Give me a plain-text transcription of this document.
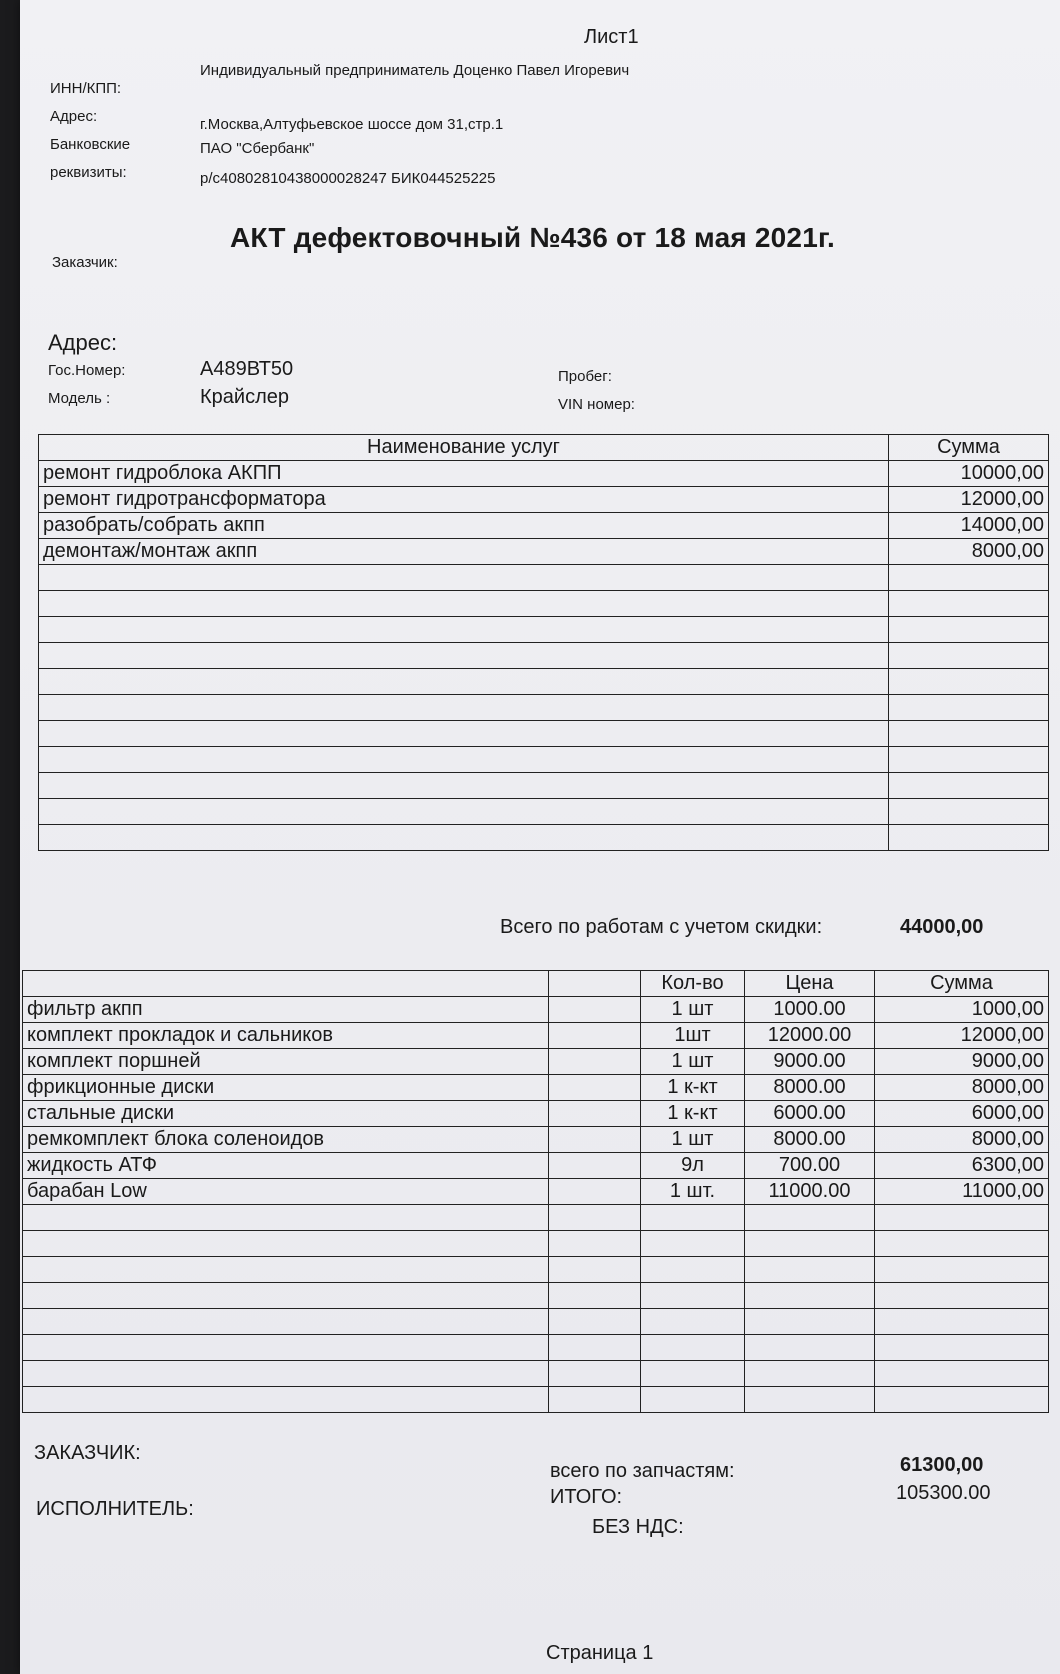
Лист1
Индивидуальный предприниматель Доценко Павел Игоревич
ИНН/КПП:
Адрес:	г.Москва,Алтуфьевское шоссе дом 31,стр.1
Банковские	ПАО "Сбербанк"
реквизиты:	р/с40802810438000028247 БИК044525225
АКТ дефектовочный №436 от 18 мая 2021г.
Заказчик:
Адрес:
Гос.Номер:	А489ВТ50
Модель :	Крайслер
Пробег:
VIN номер:
Наименование услуг	Сумма
ремонт гидроблока АКПП	10000,00
ремонт гидротрансформатора	12000,00
разобрать/собрать акпп	14000,00
демонтаж/монтаж акпп	8000,00

Всего по работам с учетом скидки:	44000,00
		Кол-во	Цена	Сумма
фильтр акпп		1 шт	1000.00	1000,00
комплект прокладок и сальников		1шт	12000.00	12000,00
комплект поршней		1 шт	9000.00	9000,00
фрикционные диски		1 к-кт	8000.00	8000,00
стальные диски		1 к-кт	6000.00	6000,00
ремкомплект блока соленоидов		1 шт	8000.00	8000,00
жидкость АТФ		9л	700.00	6300,00
барабан Low		1 шт.	11000.00	11000,00

ЗАКАЗЧИК:
ИСПОЛНИТЕЛЬ:
всего по запчастям:	61300,00
ИТОГО:	105300.00
БЕЗ НДС:
Страница 1
